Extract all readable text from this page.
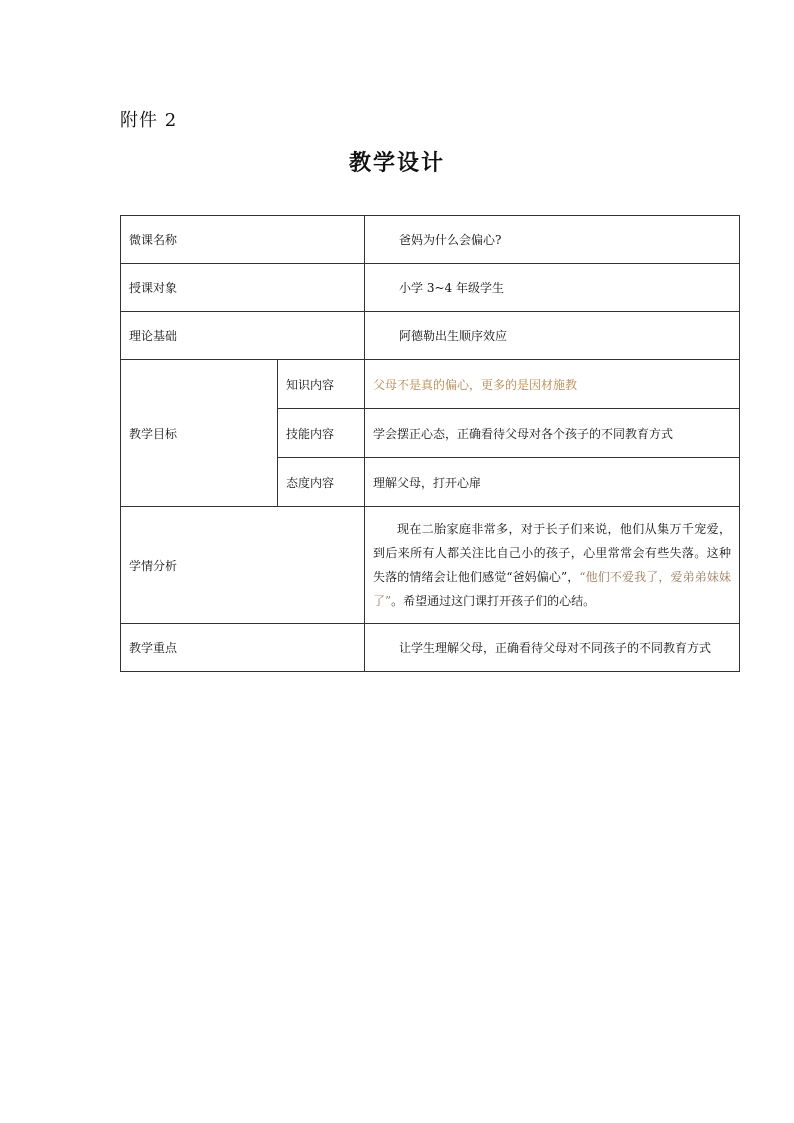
附件 2
教学设计
微课名称		爸妈为什么会偏心?
授课对象		小学 3~4 年级学生
理论基础		阿德勒出生顺序效应
教学目标	知识内容	父母不是真的偏心，更多的是因材施教
	技能内容	学会摆正心态，正确看待父母对各个孩子的不同教育方式
	态度内容	理解父母，打开心扉
学情分析		现在二胎家庭非常多，对于长子们来说，他们从集万千宠爱，到后来所有人都关注比自己小的孩子，心里常常会有些失落。这种失落的情绪会让他们感觉“爸妈偏心”，“他们不爱我了，爱弟弟妹妹了”。希望通过这门课打开孩子们的心结。
教学重点		让学生理解父母，正确看待父母对不同孩子的不同教育方式
